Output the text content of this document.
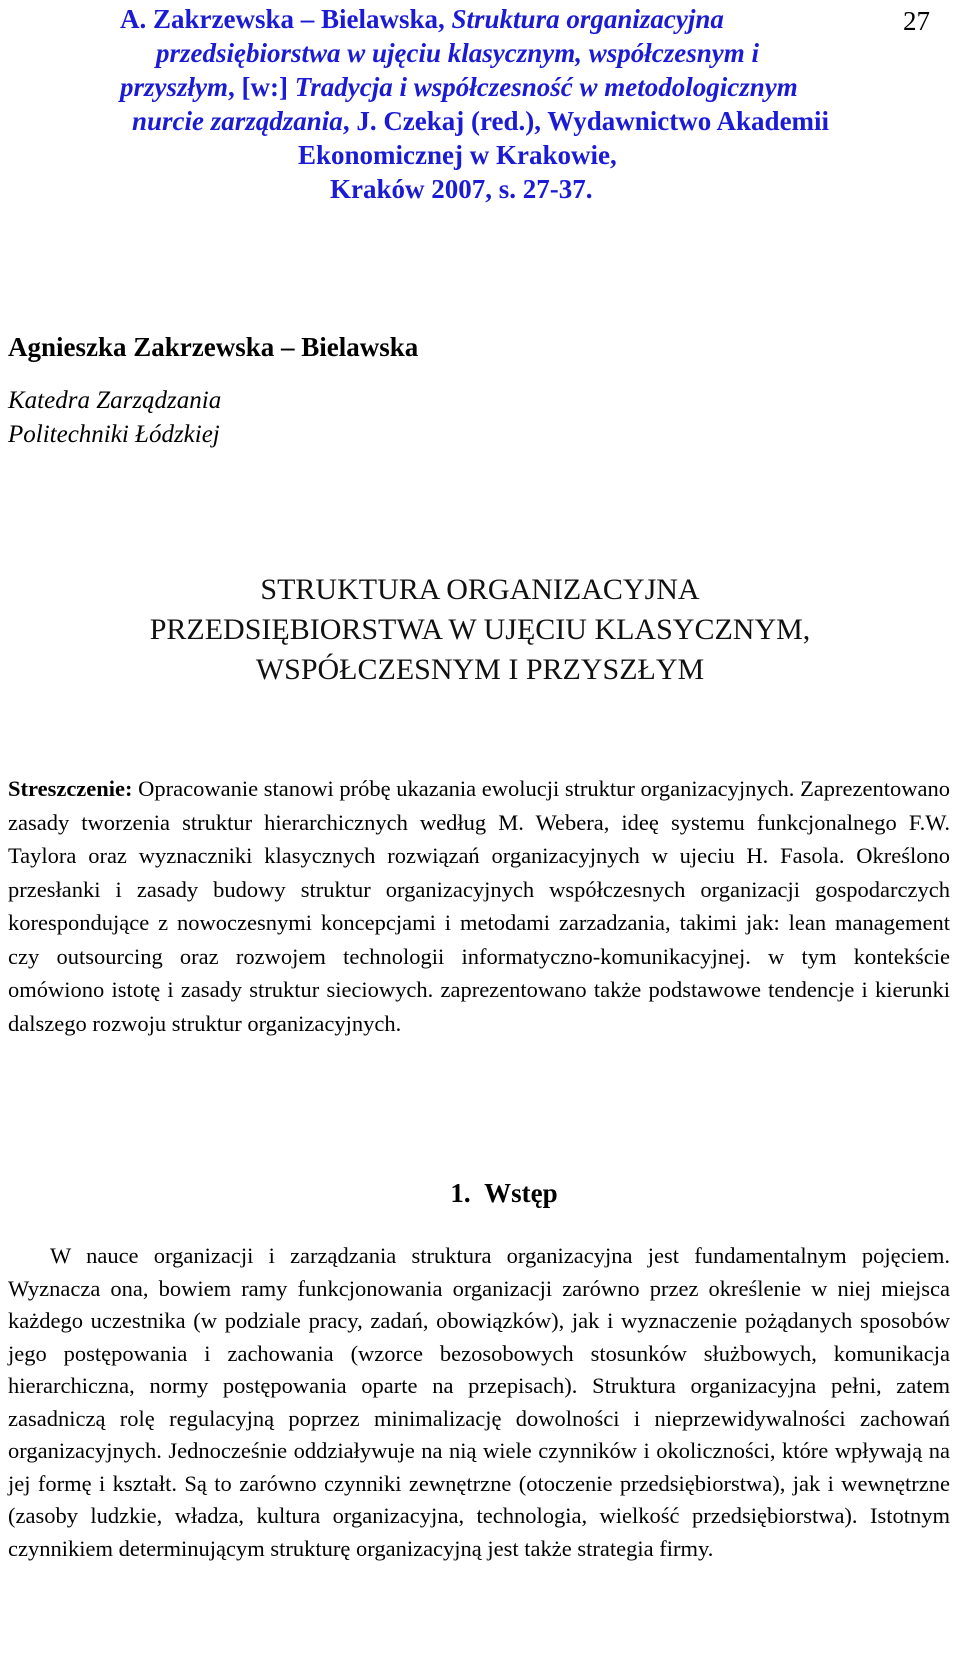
A. Zakrzewska – Bielawska, Struktura organizacyjna
przedsiębiorstwa w ujęciu klasycznym, współczesnym i
przyszłym, [w:] Tradycja i współczesność w metodologicznym
nurcie zarządzania, J. Czekaj (red.), Wydawnictwo Akademii
Ekonomicznej w Krakowie,
Kraków 2007, s. 27-37.
27
Agnieszka Zakrzewska – Bielawska
Katedra Zarządzania
Politechniki Łódzkiej
STRUKTURA ORGANIZACYJNA
PRZEDSIĘBIORSTWA W UJĘCIU KLASYCZNYM,
WSPÓŁCZESNYM I PRZYSZŁYM

Streszczenie: Opracowanie stanowi próbę ukazania ewolucji struktur organizacyjnych. Zaprezentowano zasady tworzenia struktur hierarchicznych według M. Webera, ideę systemu funkcjonalnego F.W. Taylora oraz wyznaczniki klasycznych rozwiązań organizacyjnych w ujeciu H. Fasola. Określono przesłanki i zasady budowy struktur organizacyjnych współczesnych organizacji gospodarczych korespondujące z nowoczesnymi koncepcjami i metodami zarzadzania, takimi jak: lean management czy outsourcing oraz rozwojem technologii informatyczno-komunikacyjnej. w tym kontekście omówiono istotę i zasady struktur sieciowych. zaprezentowano także podstawowe tendencje i kierunki dalszego rozwoju struktur organizacyjnych.

1. Wstęp

W nauce organizacji i zarządzania struktura organizacyjna jest fundamentalnym pojęciem. Wyznacza ona, bowiem ramy funkcjonowania organizacji zarówno przez określenie w niej miejsca każdego uczestnika (w podziale pracy, zadań, obowiązków), jak i wyznaczenie pożądanych sposobów jego postępowania i zachowania (wzorce bezosobowych stosunków służbowych, komunikacja hierarchiczna, normy postępowania oparte na przepisach). Struktura organizacyjna pełni, zatem zasadniczą rolę regulacyjną poprzez minimalizację dowolności i nieprzewidywalności zachowań organizacyjnych. Jednocześnie oddziaływuje na nią wiele czynników i okoliczności, które wpływają na jej formę i kształt. Są to zarówno czynniki zewnętrzne (otoczenie przedsiębiorstwa), jak i wewnętrzne (zasoby ludzkie, władza, kultura organizacyjna, technologia, wielkość przedsiębiorstwa). Istotnym czynnikiem determinującym strukturę organizacyjną jest także strategia firmy.
